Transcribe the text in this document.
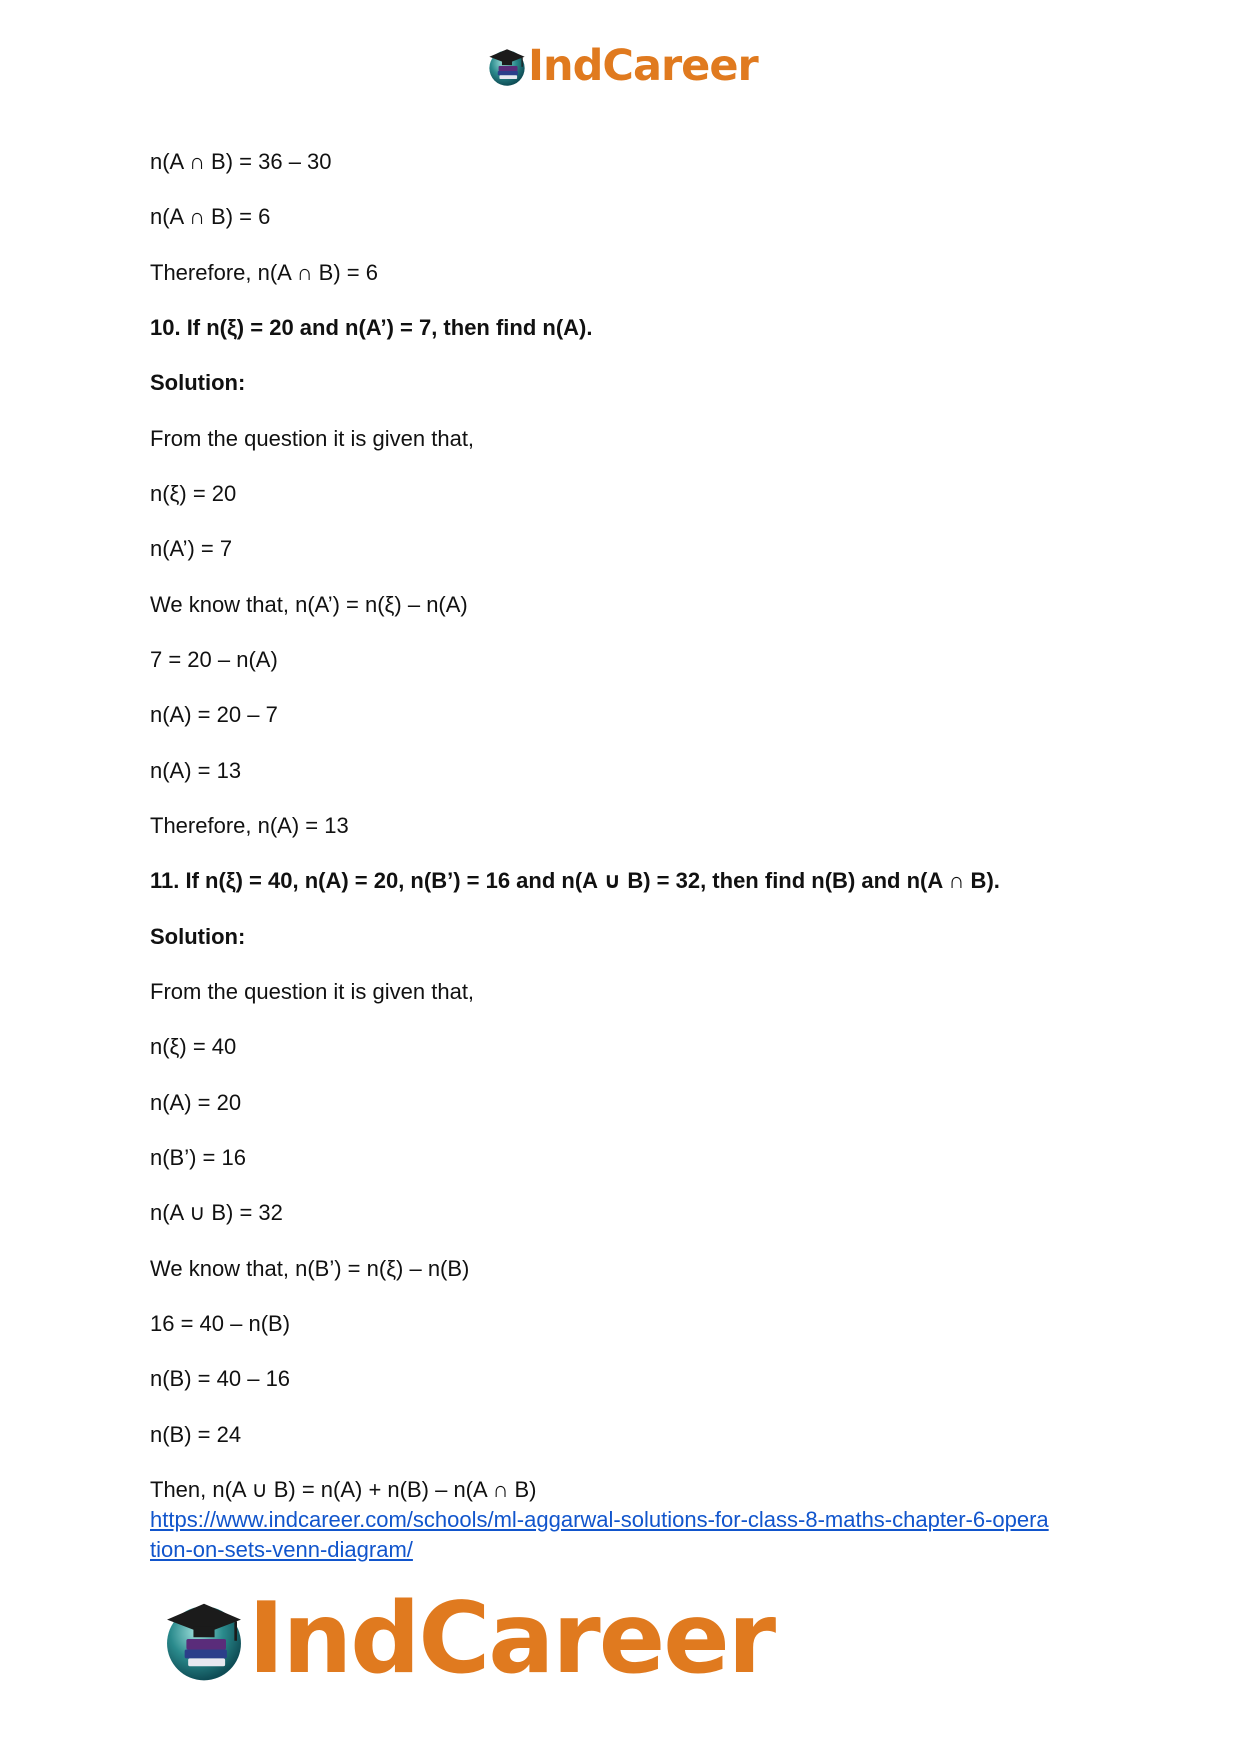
IndCareer
n(A ∩ B) = 36 – 30
n(A ∩ B) = 6
Therefore, n(A ∩ B) = 6
10. If n(ξ) = 20 and n(A’) = 7, then find n(A).
Solution:
From the question it is given that,
n(ξ) = 20
n(A’) = 7
We know that, n(A’) = n(ξ) – n(A)
7 = 20 – n(A)
n(A) = 20 – 7
n(A) = 13
Therefore, n(A) = 13
11. If n(ξ) = 40, n(A) = 20, n(B’) = 16 and n(A ∪ B) = 32, then find n(B) and n(A ∩ B).
Solution:
From the question it is given that,
n(ξ) = 40
n(A) = 20
n(B’) = 16
n(A ∪ B) = 32
We know that, n(B’) = n(ξ) – n(B)
16 = 40 – n(B)
n(B) = 40 – 16
n(B) = 24
Then, n(A ∪ B) = n(A) + n(B) – n(A ∩ B)
https://www.indcareer.com/schools/ml-aggarwal-solutions-for-class-8-maths-chapter-6-opera
tion-on-sets-venn-diagram/
IndCareer
